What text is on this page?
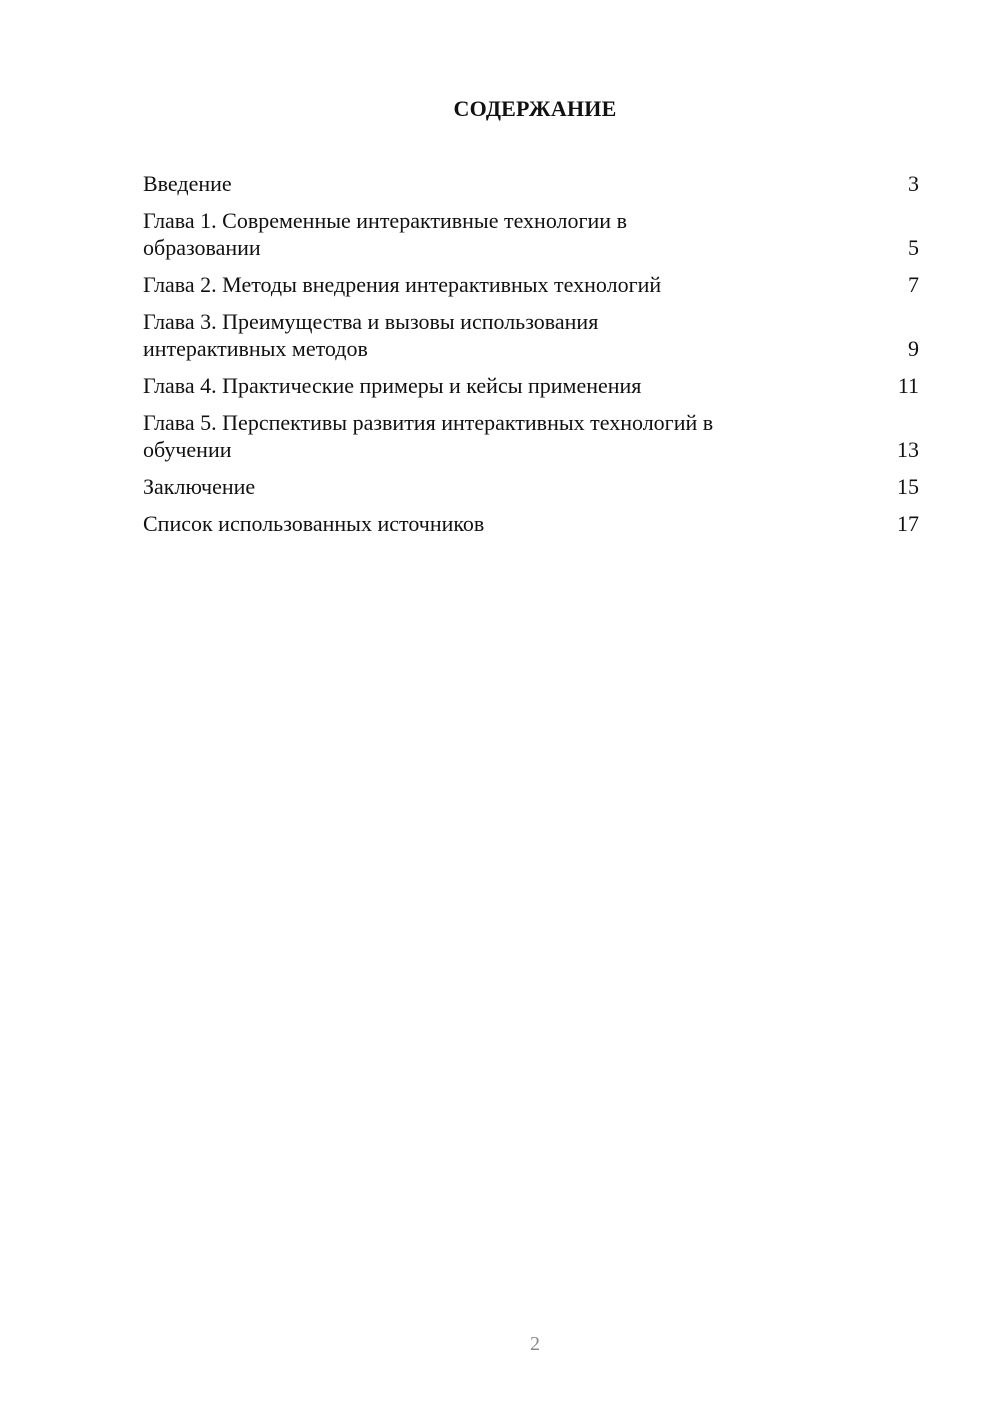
СОДЕРЖАНИЕ
Введение	3
Глава 1. Современные интерактивные технологии в
образовании	5
Глава 2. Методы внедрения интерактивных технологий	7
Глава 3. Преимущества и вызовы использования
интерактивных методов	9
Глава 4. Практические примеры и кейсы применения	11
Глава 5. Перспективы развития интерактивных технологий в
обучении	13
Заключение	15
Список использованных источников	17
2
